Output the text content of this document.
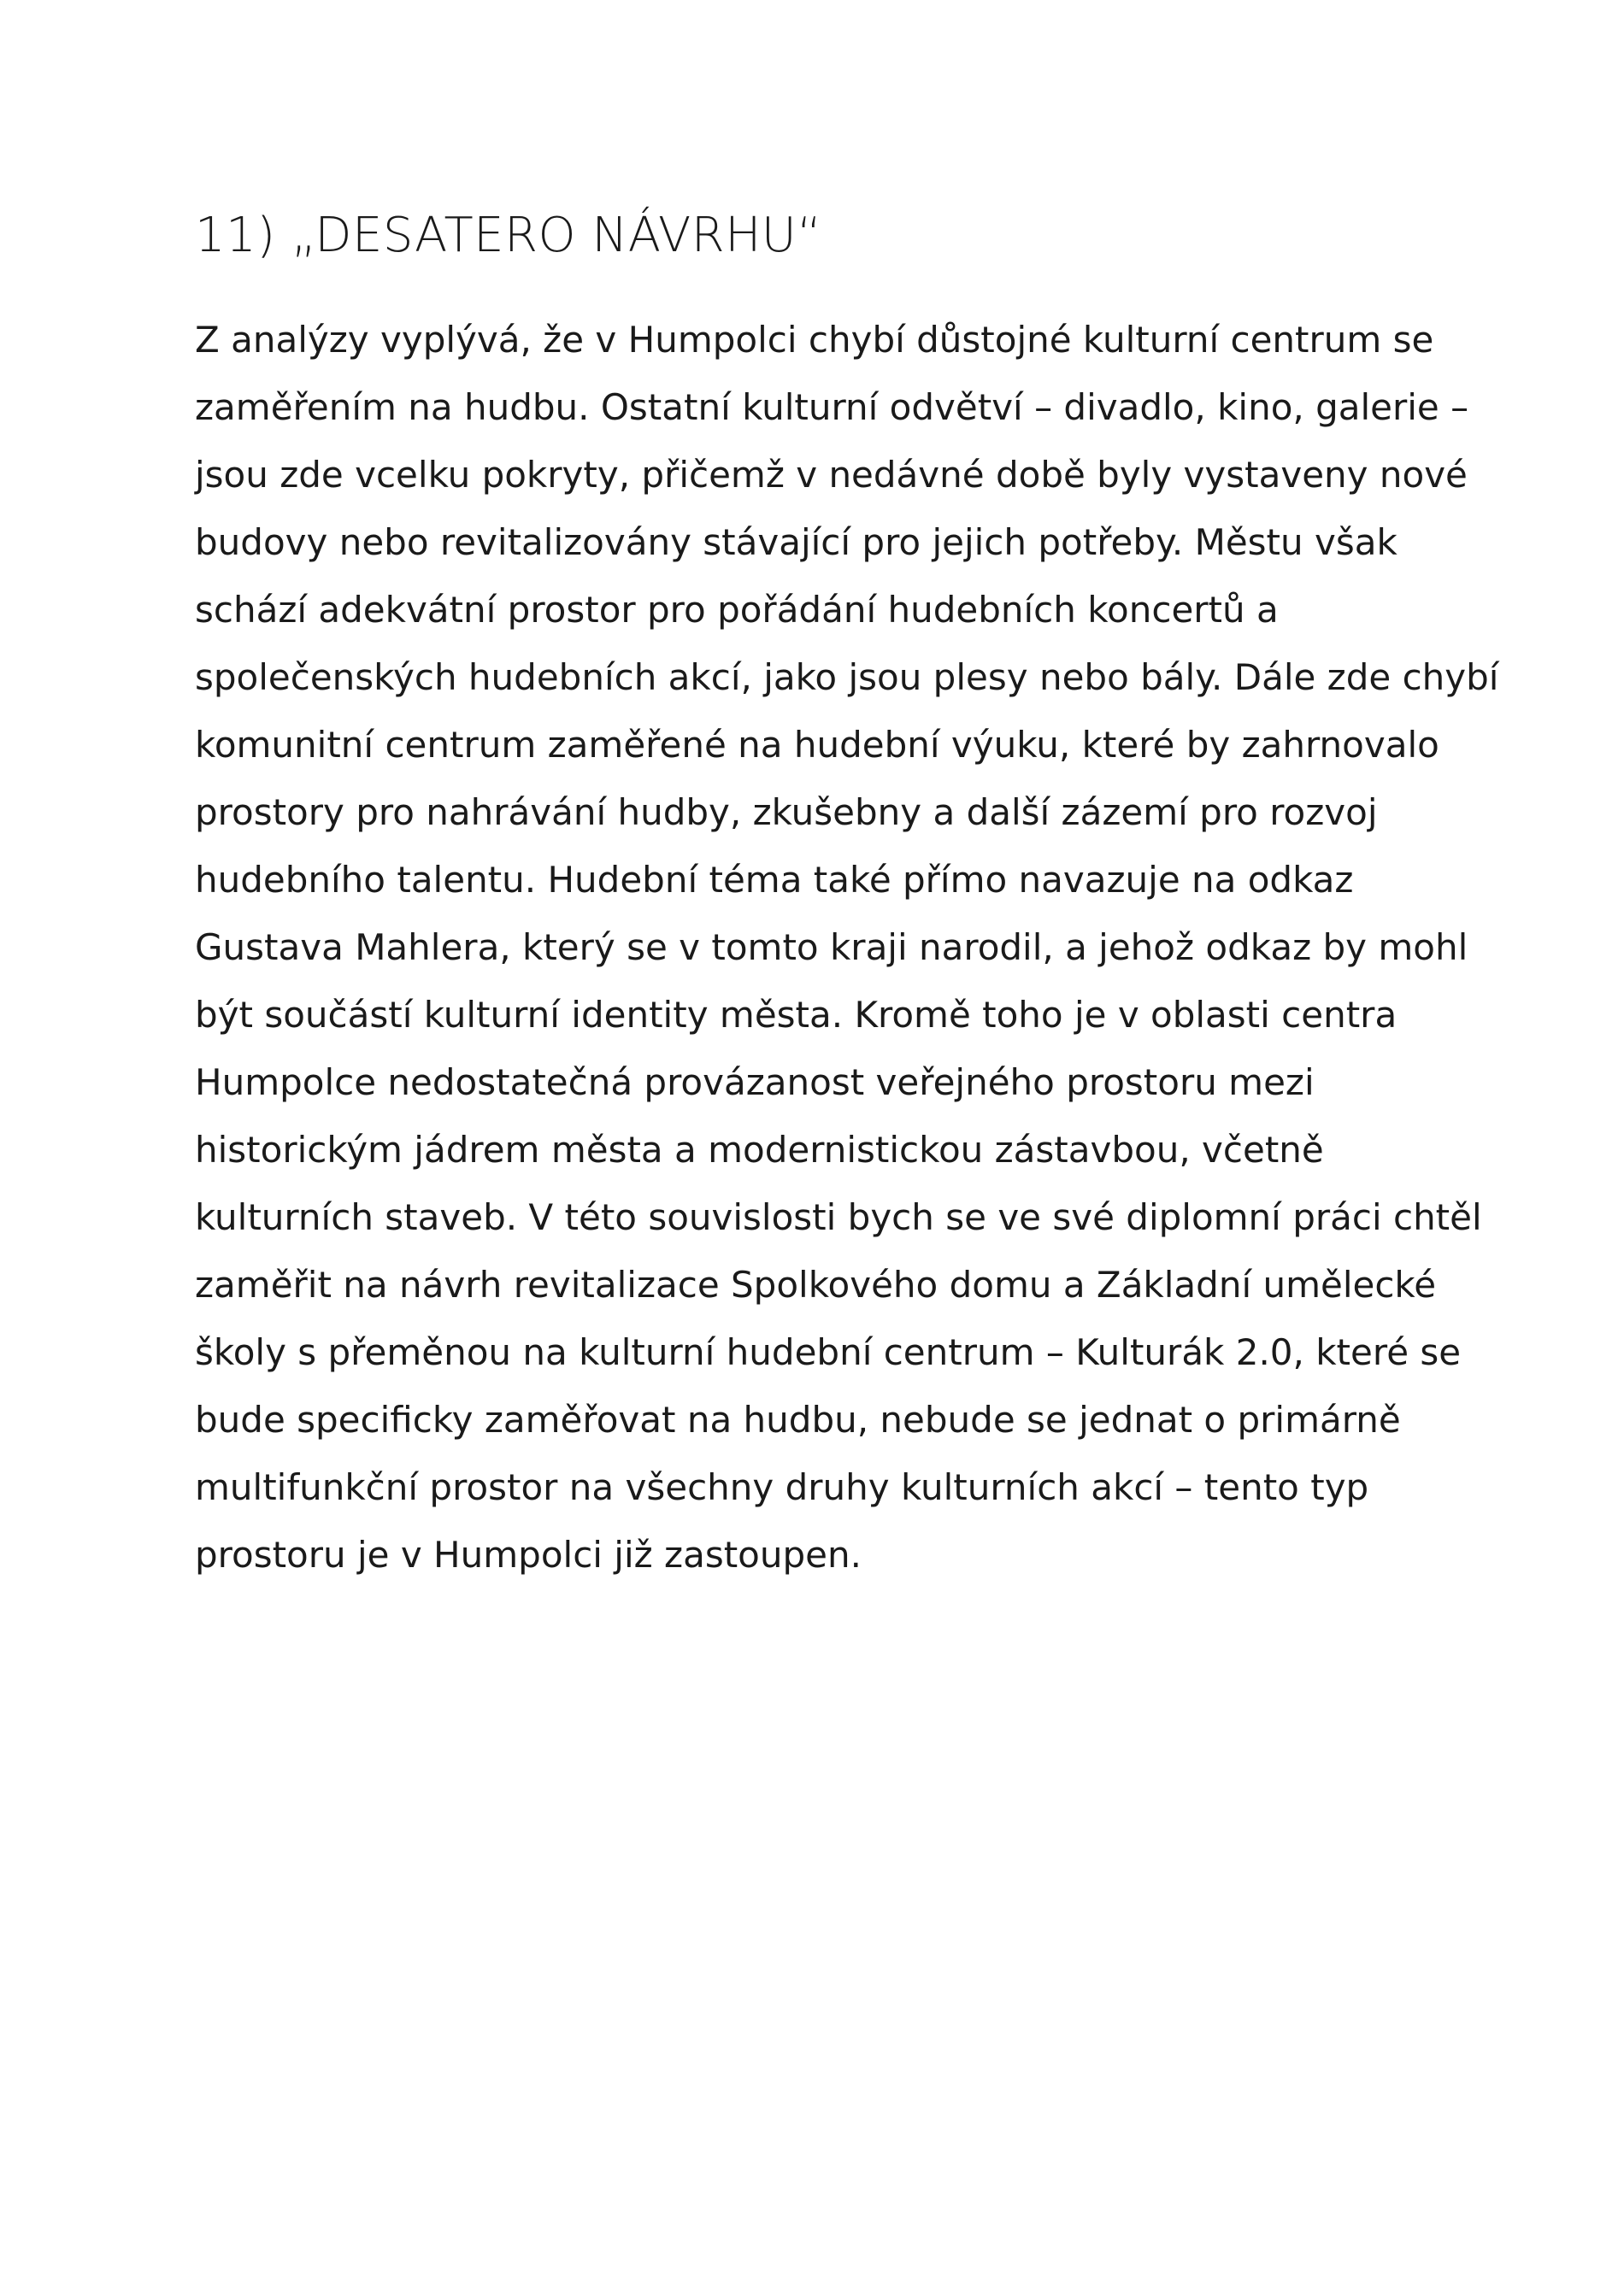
11) „DESATERO NÁVRHU“

Z analýzy vyplývá, že v Humpolci chybí důstojné kulturní centrum se
zaměřením na hudbu. Ostatní kulturní odvětví – divadlo, kino, galerie –
jsou zde vcelku pokryty, přičemž v nedávné době byly vystaveny nové
budovy nebo revitalizovány stávající pro jejich potřeby. Městu však
schází adekvátní prostor pro pořádání hudebních koncertů a
společenských hudebních akcí, jako jsou plesy nebo bály. Dále zde chybí
komunitní centrum zaměřené na hudební výuku, které by zahrnovalo
prostory pro nahrávání hudby, zkušebny a další zázemí pro rozvoj
hudebního talentu. Hudební téma také přímo navazuje na odkaz
Gustava Mahlera, který se v tomto kraji narodil, a jehož odkaz by mohl
být součástí kulturní identity města. Kromě toho je v oblasti centra
Humpolce nedostatečná provázanost veřejného prostoru mezi
historickým jádrem města a modernistickou zástavbou, včetně
kulturních staveb. V této souvislosti bych se ve své diplomní práci chtěl
zaměřit na návrh revitalizace Spolkového domu a Základní umělecké
školy s přeměnou na kulturní hudební centrum – Kulturák 2.0, které se
bude specificky zaměřovat na hudbu, nebude se jednat o primárně
multifunkční prostor na všechny druhy kulturních akcí – tento typ
prostoru je v Humpolci již zastoupen.
